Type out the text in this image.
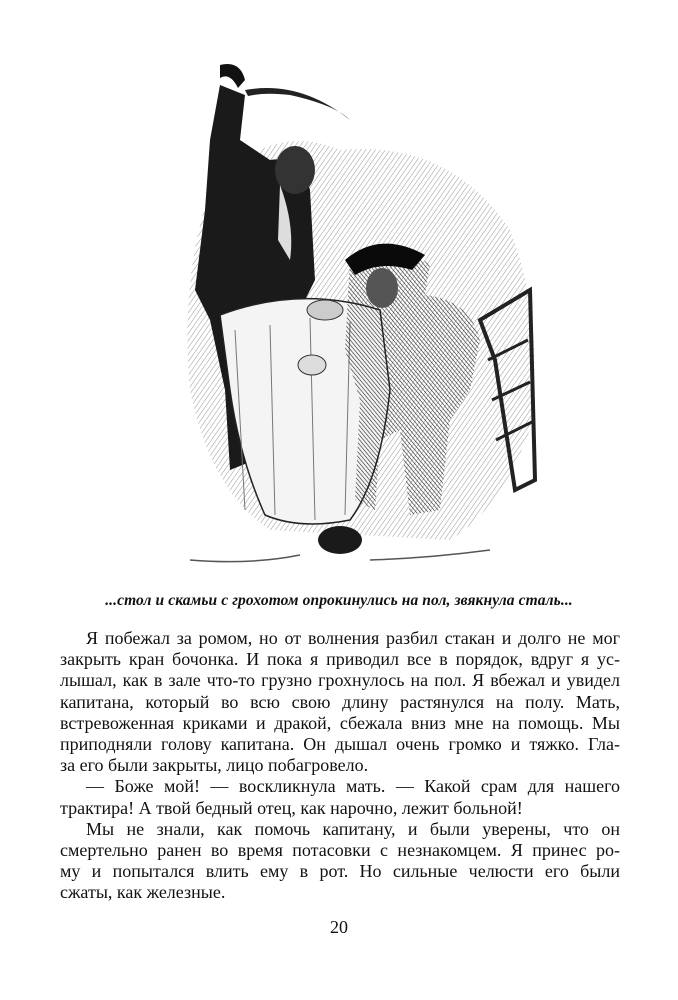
...стол и скамьи с грохотом опрокинулись на пол, звякнула сталь...

Я побежал за ромом, но от волнения разбил стакан и долго не мог
закрыть кран бочонка. И пока я приводил все в порядок, вдруг я ус-
лышал, как в зале что-то грузно грохнулось на пол. Я вбежал и увидел
капитана, который во всю свою длину растянулся на полу. Мать,
встревоженная криками и дракой, сбежала вниз мне на помощь. Мы
приподняли голову капитана. Он дышал очень громко и тяжко. Гла-
за его были закрыты, лицо побагровело.

— Боже мой! — воскликнула мать. — Какой срам для нашего
трактира! А твой бедный отец, как нарочно, лежит больной!

Мы не знали, как помочь капитану, и были уверены, что он
смертельно ранен во время потасовки с незнакомцем. Я принес ро-
му и попытался влить ему в рот. Но сильные челюсти его были
сжаты, как железные.

20
